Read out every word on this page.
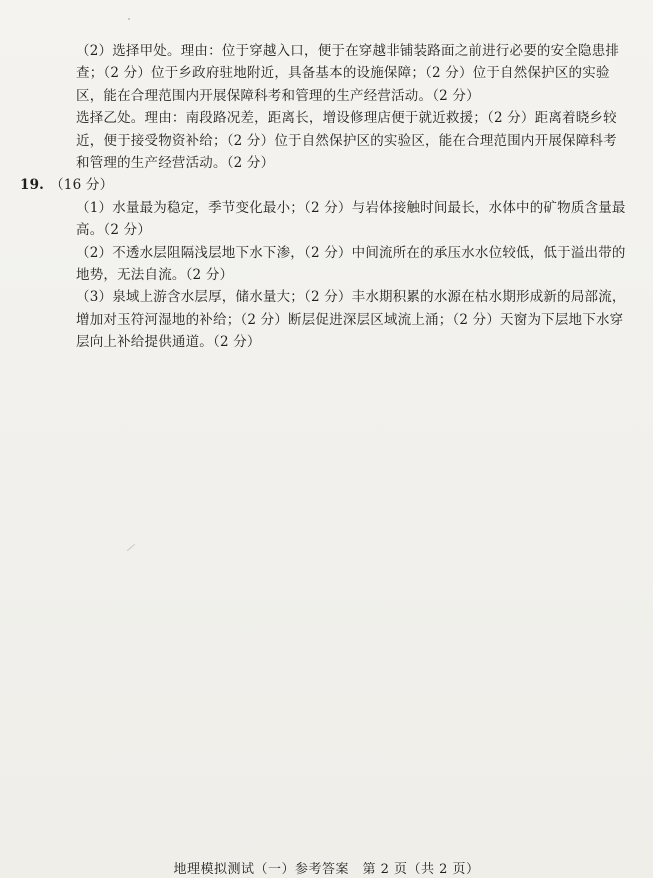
（2）选择甲处。理由：位于穿越入口，便于在穿越非铺装路面之前进行必要的安全隐患排查；（2 分）位于乡政府驻地附近，具备基本的设施保障；（2 分）位于自然保护区的实验区，能在合理范围内开展保障科考和管理的生产经营活动。（2 分）

选择乙处。理由：南段路况差，距离长，增设修理店便于就近救援；（2 分）距离着晓乡较近，便于接受物资补给；（2 分）位于自然保护区的实验区，能在合理范围内开展保障科考和管理的生产经营活动。（2 分）

19. （16 分）

（1）水量最为稳定，季节变化最小；（2 分）与岩体接触时间最长，水体中的矿物质含量最高。（2 分）

（2）不透水层阻隔浅层地下水下渗，（2 分）中间流所在的承压水水位较低，低于溢出带的地势，无法自流。（2 分）

（3）泉域上游含水层厚，储水量大；（2 分）丰水期积累的水源在枯水期形成新的局部流，增加对玉符河湿地的补给；（2 分）断层促进深层区域流上涌；（2 分）天窗为下层地下水穿层向上补给提供通道。（2 分）

地理模拟测试（一）参考答案　第 2 页（共 2 页）
